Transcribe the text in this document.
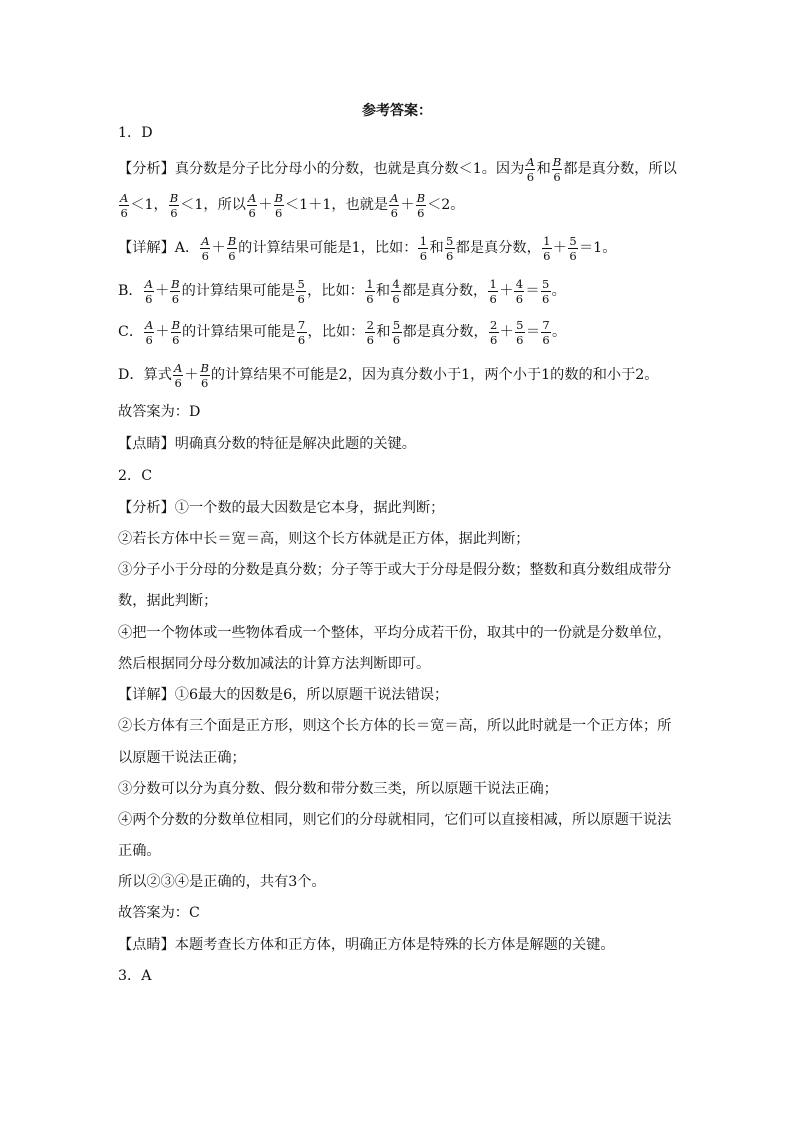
参考答案：
1．D
【分析】真分数是分子比分母小的分数，也就是真分数＜1。因为 $\frac{A}{6}$ 和 $\frac{B}{6}$ 都是真分数，所以
$\frac{A}{6} <1$， $\frac{B}{6} <1$，所以 $\frac{A}{6} + \frac{B}{6} <1+1$，也就是 $\frac{A}{6} + \frac{B}{6} <2$。
【详解】A． $\frac{A}{6} + \frac{B}{6}$ 的计算结果可能是1，比如： $\frac{1}{6}$ 和 $\frac{5}{6}$ 都是真分数， $\frac{1}{6} + \frac{5}{6} =1$。
B． $\frac{A}{6} + \frac{B}{6}$ 的计算结果可能是 $\frac{5}{6}$ ，比如： $\frac{1}{6}$ 和 $\frac{4}{6}$ 都是真分数， $\frac{1}{6} + \frac{4}{6} = \frac{5}{6}$ 。
C． $\frac{A}{6} + \frac{B}{6}$ 的计算结果可能是 $\frac{7}{6}$ ，比如： $\frac{2}{6}$ 和 $\frac{5}{6}$ 都是真分数， $\frac{2}{6} + \frac{5}{6} = \frac{7}{6}$ 。
D．算式 $\frac{A}{6} + \frac{B}{6}$ 的计算结果不可能是2，因为真分数小于1，两个小于1的数的和小于2。
故答案为：D
【点睛】明确真分数的特征是解决此题的关键。
2．C
【分析】①一个数的最大因数是它本身，据此判断；
②若长方体中长＝宽＝高，则这个长方体就是正方体，据此判断；
③分子小于分母的分数是真分数；分子等于或大于分母是假分数；整数和真分数组成带分
数，据此判断；
④把一个物体或一些物体看成一个整体，平均分成若干份，取其中的一份就是分数单位，
然后根据同分母分数加减法的计算方法判断即可。
【详解】①6最大的因数是6，所以原题干说法错误；
②长方体有三个面是正方形，则这个长方体的长＝宽＝高，所以此时就是一个正方体；所
以原题干说法正确；
③分数可以分为真分数、假分数和带分数三类，所以原题干说法正确；
④两个分数的分数单位相同，则它们的分母就相同，它们可以直接相减，所以原题干说法
正确。
所以②③④是正确的，共有3个。
故答案为：C
【点睛】本题考查长方体和正方体，明确正方体是特殊的长方体是解题的关键。
3．A
